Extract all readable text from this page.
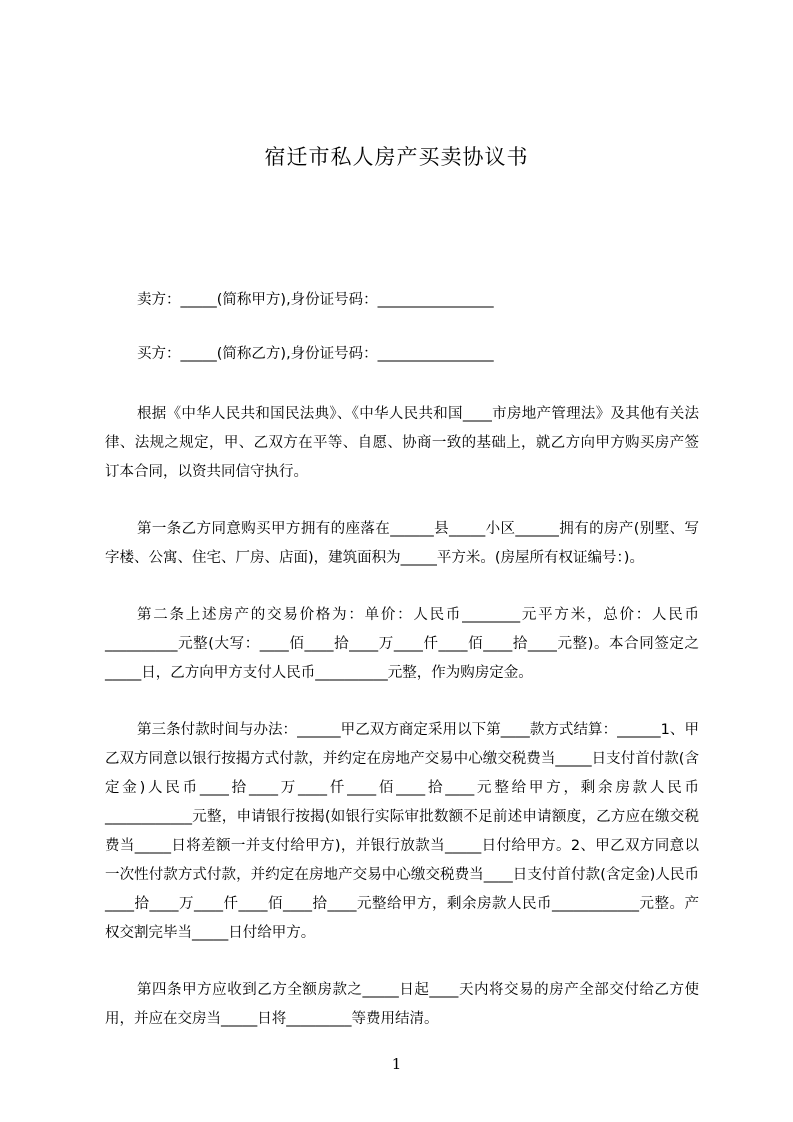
宿迁市私人房产买卖协议书
卖方：_____(简称甲方),身份证号码：________________
买方：_____(简称乙方),身份证号码：________________

根据《中华人民共和国民法典》、《中华人民共和国____市房地产管理法》及其他有关法律、法规之规定，甲、乙双方在平等、自愿、协商一致的基础上，就乙方向甲方购买房产签订本合同，以资共同信守执行。

第一条乙方同意购买甲方拥有的座落在______县_____小区______拥有的房产(别墅、写字楼、公寓、住宅、厂房、店面)，建筑面积为_____平方米。(房屋所有权证编号：)。

第二条上述房产的交易价格为：单价：人民币________元平方米，总价：人民币__________元整(大写：____佰____拾____万____仟____佰____拾____元整)。本合同签定之_____日，乙方向甲方支付人民币__________元整，作为购房定金。

第三条付款时间与办法：______甲乙双方商定采用以下第____款方式结算：______1、甲乙双方同意以银行按揭方式付款，并约定在房地产交易中心缴交税费当_____日支付首付款(含定金)人民币____拾____万____仟____佰____拾____元整给甲方，剩余房款人民币____________元整，申请银行按揭(如银行实际审批数额不足前述申请额度，乙方应在缴交税费当_____日将差额一并支付给甲方)，并银行放款当_____日付给甲方。2、甲乙双方同意以一次性付款方式付款，并约定在房地产交易中心缴交税费当____日支付首付款(含定金)人民币____拾____万____仟____佰____拾____元整给甲方，剩余房款人民币____________元整。产权交割完毕当_____日付给甲方。

第四条甲方应收到乙方全额房款之_____日起____天内将交易的房产全部交付给乙方使用，并应在交房当_____日将_________等费用结清。

1
